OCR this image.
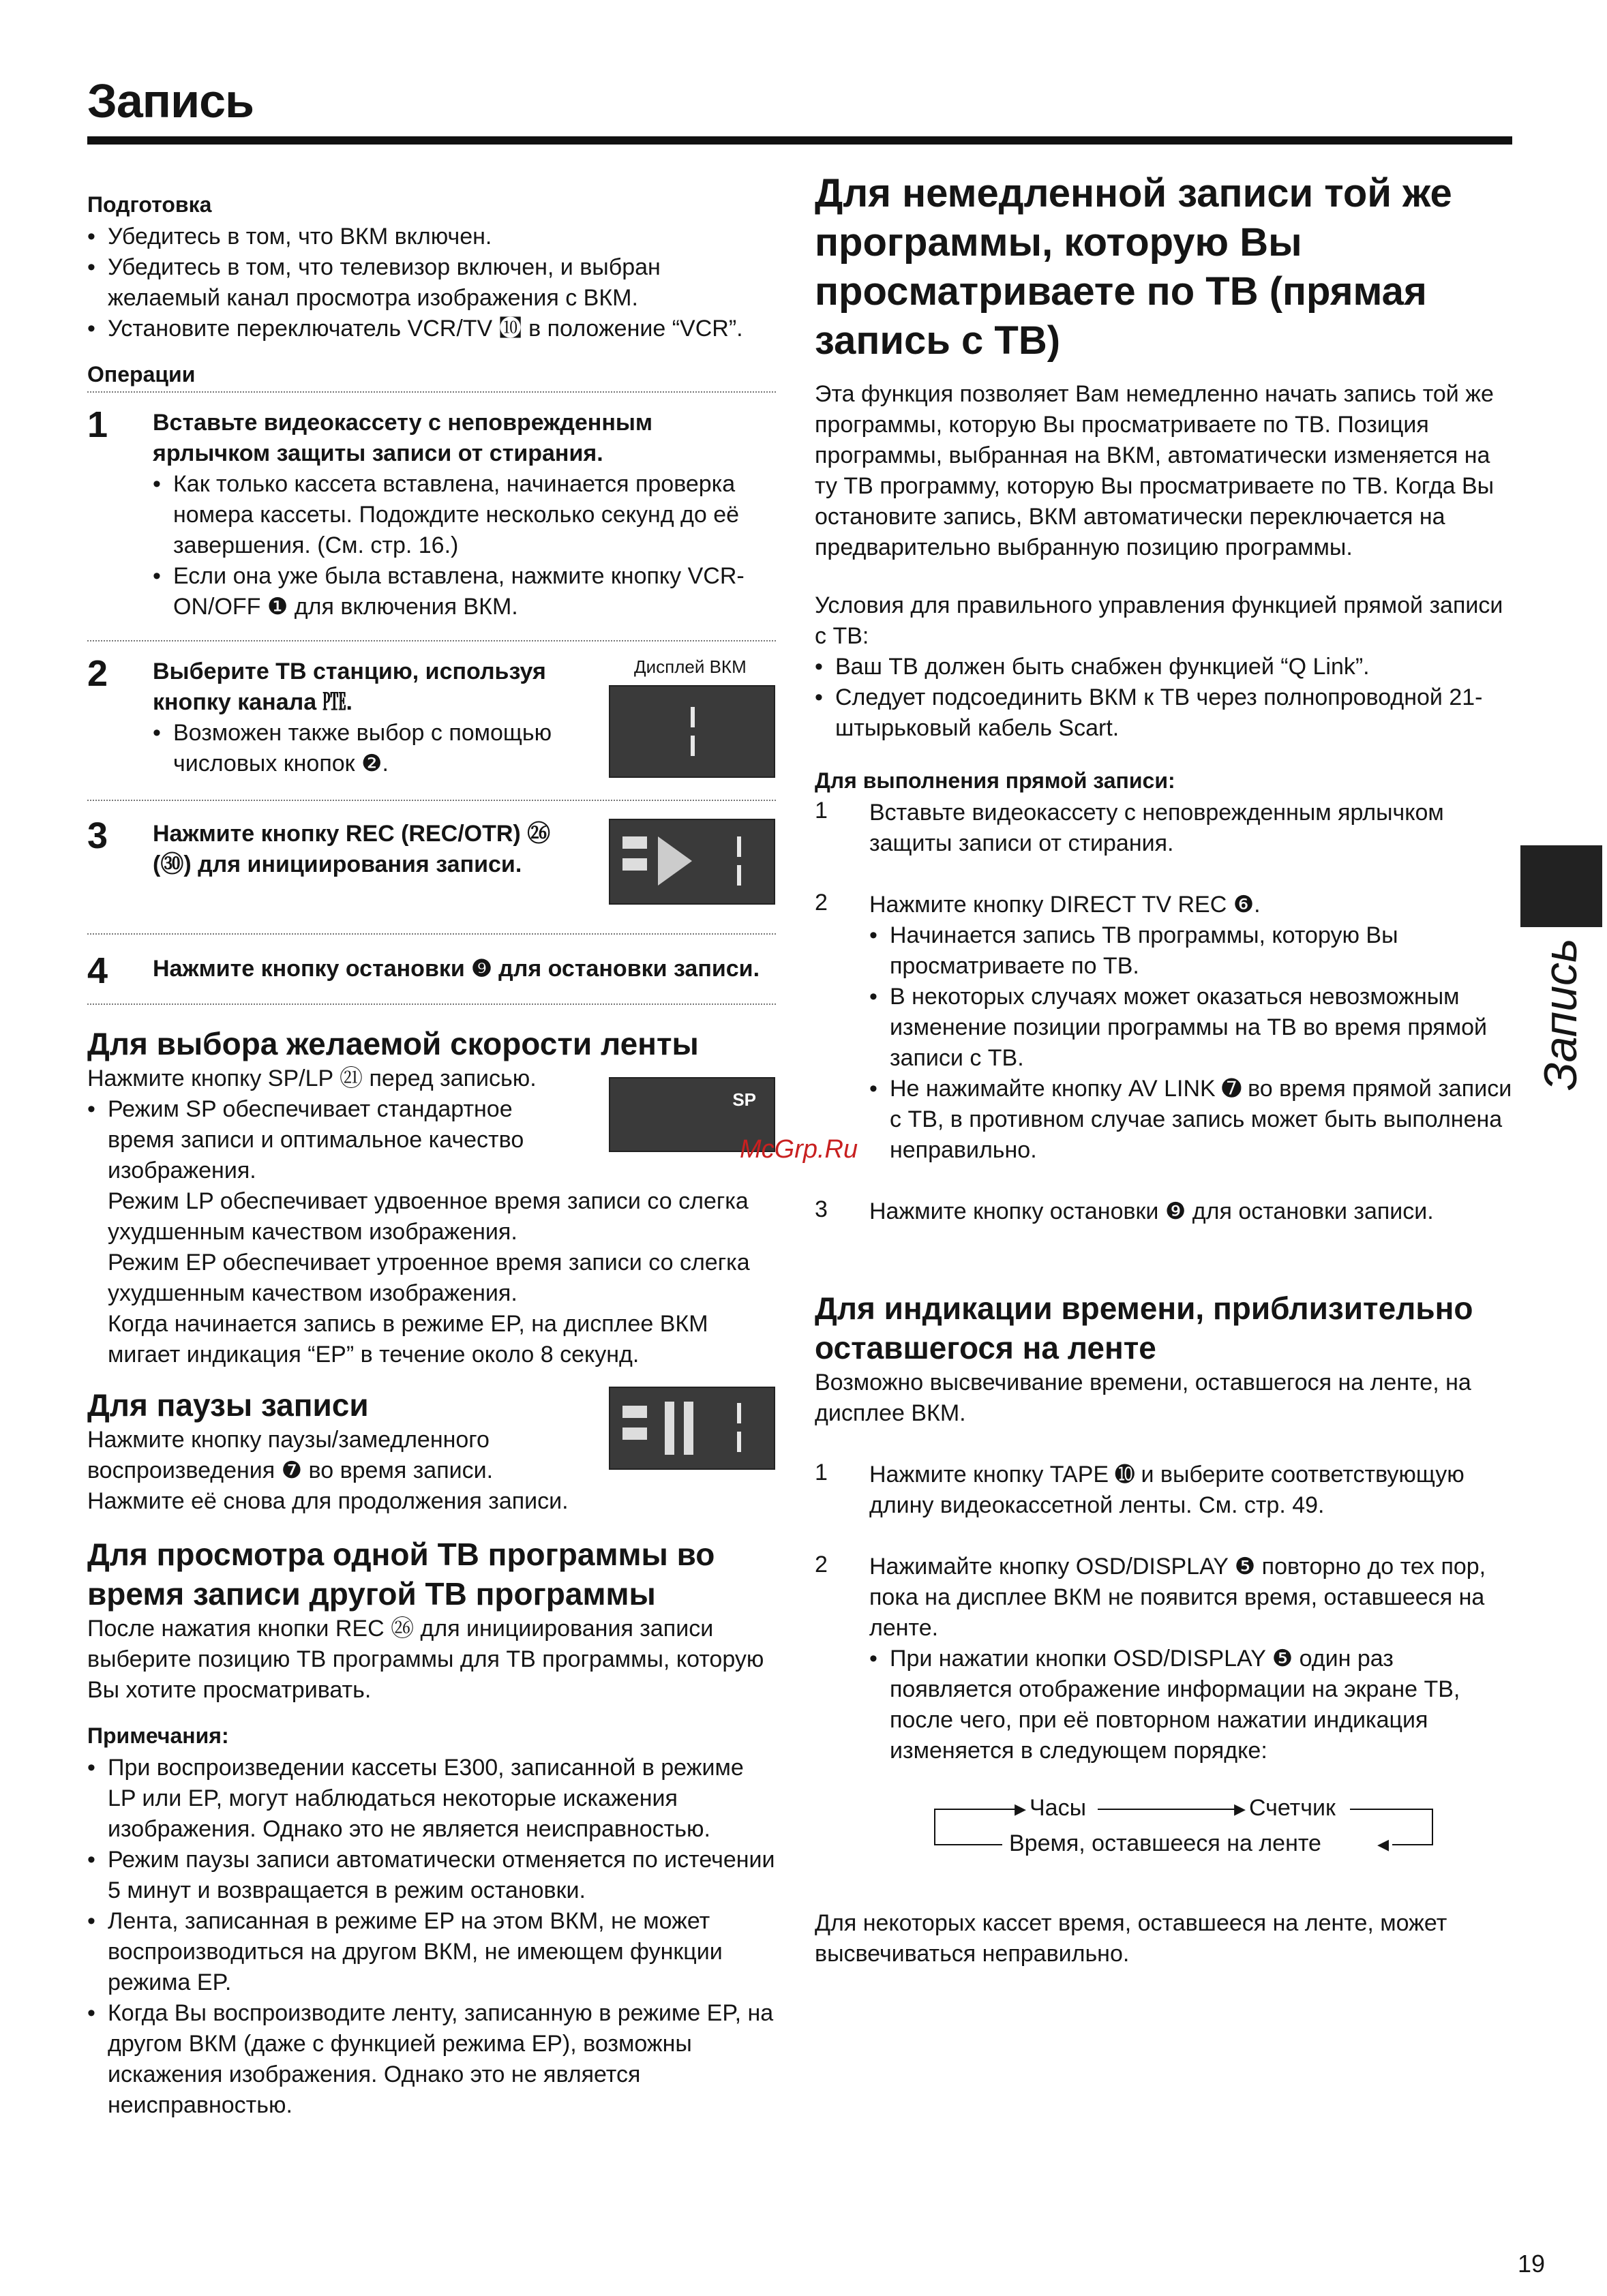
Запись
Подготовка

• Убедитесь в том, что ВКМ включен.

• Убедитесь в том, что телевизор включен, и выбран желаемый канал просмотра изображения с ВКМ.

• Установите переключатель VCR/TV ㉈ в положение “VCR”.

Операции
1 Вставьте видеокассету с неповрежденным ярлычком защиты записи от стирания.

• Как только кассета вставлена, начинается проверка номера кассеты. Подождите несколько секунд до её завершения. (См. стр. 16.)

• Если она уже была вставлена, нажмите кнопку VCR-ON/OFF ❶ для включения ВКМ.

2 Выберите ТВ станцию, используя кнопку канала ㉐.

• Возможен также выбор с помощью числовых кнопок ❷.

Дисплей ВКМ
3 Нажмите кнопку REC (REC/OTR) ㉖ (㉚) для инициирования записи.

4 Нажмите кнопку остановки ❾ для остановки записи.

Для выбора желаемой скорости ленты

Нажмите кнопку SP/LP ㉑ перед записью.

• Режим SP обеспечивает стандартное время записи и оптимальное качество изображения.

SP

Режим LP обеспечивает удвоенное время записи со слегка ухудшенным качеством изображения.

Режим EP обеспечивает утроенное время записи со слегка ухудшенным качеством изображения.

Когда начинается запись в режиме EP, на дисплее ВКМ мигает индикация “EP” в течение около 8 секунд.

Для паузы записи

Нажмите кнопку паузы/замедленного воспроизведения ❼ во время записи. Нажмите её снова для продолжения записи.

Для просмотра одной ТВ программы во время записи другой ТВ программы

После нажатия кнопки REC ㉖ для инициирования записи выберите позицию ТВ программы для ТВ программы, которую Вы хотите просматривать.

Примечания:

• При воспроизведении кассеты E300, записанной в режиме LP или EP, могут наблюдаться некоторые искажения изображения. Однако это не является неисправностью.

• Режим паузы записи автоматически отменяется по истечении 5 минут и возвращается в режим остановки.

• Лента, записанная в режиме EP на этом ВКМ, не может воспроизводиться на другом ВКМ, не имеющем функции режима EP.

• Когда Вы воспроизводите ленту, записанную в режиме EP, на другом ВКМ (даже с функцией режима EP), возможны искажения изображения. Однако это не является неисправностью.

Для немедленной записи той же программы, которую Вы просматриваете по ТВ (прямая запись с ТВ)

Эта функция позволяет Вам немедленно начать запись той же программы, которую Вы просматриваете по ТВ. Позиция программы, выбранная на ВКМ, автоматически изменяется на ту ТВ программу, которую Вы просматриваете по ТВ. Когда Вы остановите запись, ВКМ автоматически переключается на предварительно выбранную позицию программы.

Условия для правильного управления функцией прямой записи с ТВ:

• Ваш ТВ должен быть снабжен функцией “Q Link”.

• Следует подсоединить ВКМ к ТВ через полнопроводной 21-штырьковый кабель Scart.

Для выполнения прямой записи:
1 Вставьте видеокассету с неповрежденным ярлычком защиты записи от стирания.

2 Нажмите кнопку DIRECT TV REC ❻.

• Начинается запись ТВ программы, которую Вы просматриваете по ТВ.

• В некоторых случаях может оказаться невозможным изменение позиции программы на ТВ во время прямой записи с ТВ.

• Не нажимайте кнопку AV LINK ➐ во время прямой записи с ТВ, в противном случае запись может быть выполнена неправильно.

3 Нажмите кнопку остановки ❾ для остановки записи.

Для индикации времени, приблизительно оставшегося на ленте

Возможно высвечивание времени, оставшегося на ленте, на дисплее ВКМ.

1 Нажмите кнопку TAPE ➓ и выберите соответствующую длину видеокассетной ленты. См. стр. 49.

2 Нажимайте кнопку OSD/DISPLAY ❺ повторно до тех пор, пока на дисплее ВКМ не появится время, оставшееся на ленте.

• При нажатии кнопки OSD/DISPLAY ❺ один раз появляется отображение информации на экране ТВ, после чего, при её повторном нажатии индикация изменяется в следующем порядке:

▸ Часы	▸ Счетчик
Время, оставшееся на ленте ◂

Для некоторых кассет время, оставшееся на ленте, может высвечиваться неправильно.

Запись
McGrp.Ru
19
